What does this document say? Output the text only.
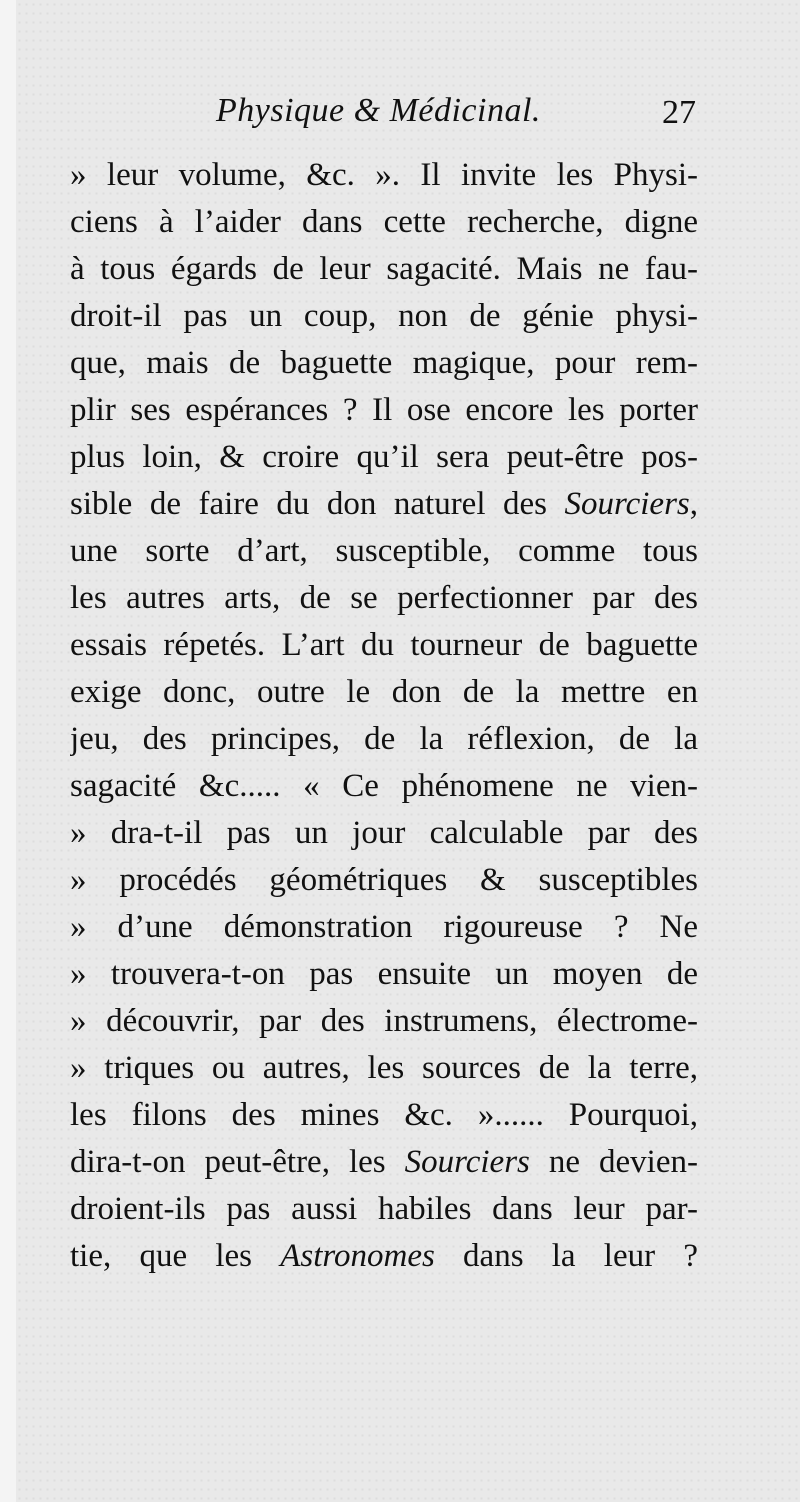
Physique & Médicinal.	27
» leur volume, &c. ». Il invite les Physi-
ciens à l’aider dans cette recherche, digne
à tous égards de leur sagacité. Mais ne fau-
droit-il pas un coup, non de génie physi-
que, mais de baguette magique, pour rem-
plir ses espérances ? Il ose encore les porter
plus loin, & croire qu’il sera peut-être pos-
sible de faire du don naturel des Sourciers,
une sorte d’art, susceptible, comme tous
les autres arts, de se perfectionner par des
essais répetés. L’art du tourneur de baguette
exige donc, outre le don de la mettre en
jeu, des principes, de la réflexion, de la
sagacité &c..... « Ce phénomene ne vien-
» dra-t-il pas un jour calculable par des
» procédés géométriques & susceptibles
» d’une démonstration rigoureuse ? Ne
» trouvera-t-on pas ensuite un moyen de
» découvrir, par des instrumens, électrome-
» triques ou autres, les sources de la terre,
les filons des mines &c. »...... Pourquoi,
dira-t-on peut-être, les Sourciers ne devien-
droient-ils pas aussi habiles dans leur par-
tie, que les Astronomes dans la leur ?
